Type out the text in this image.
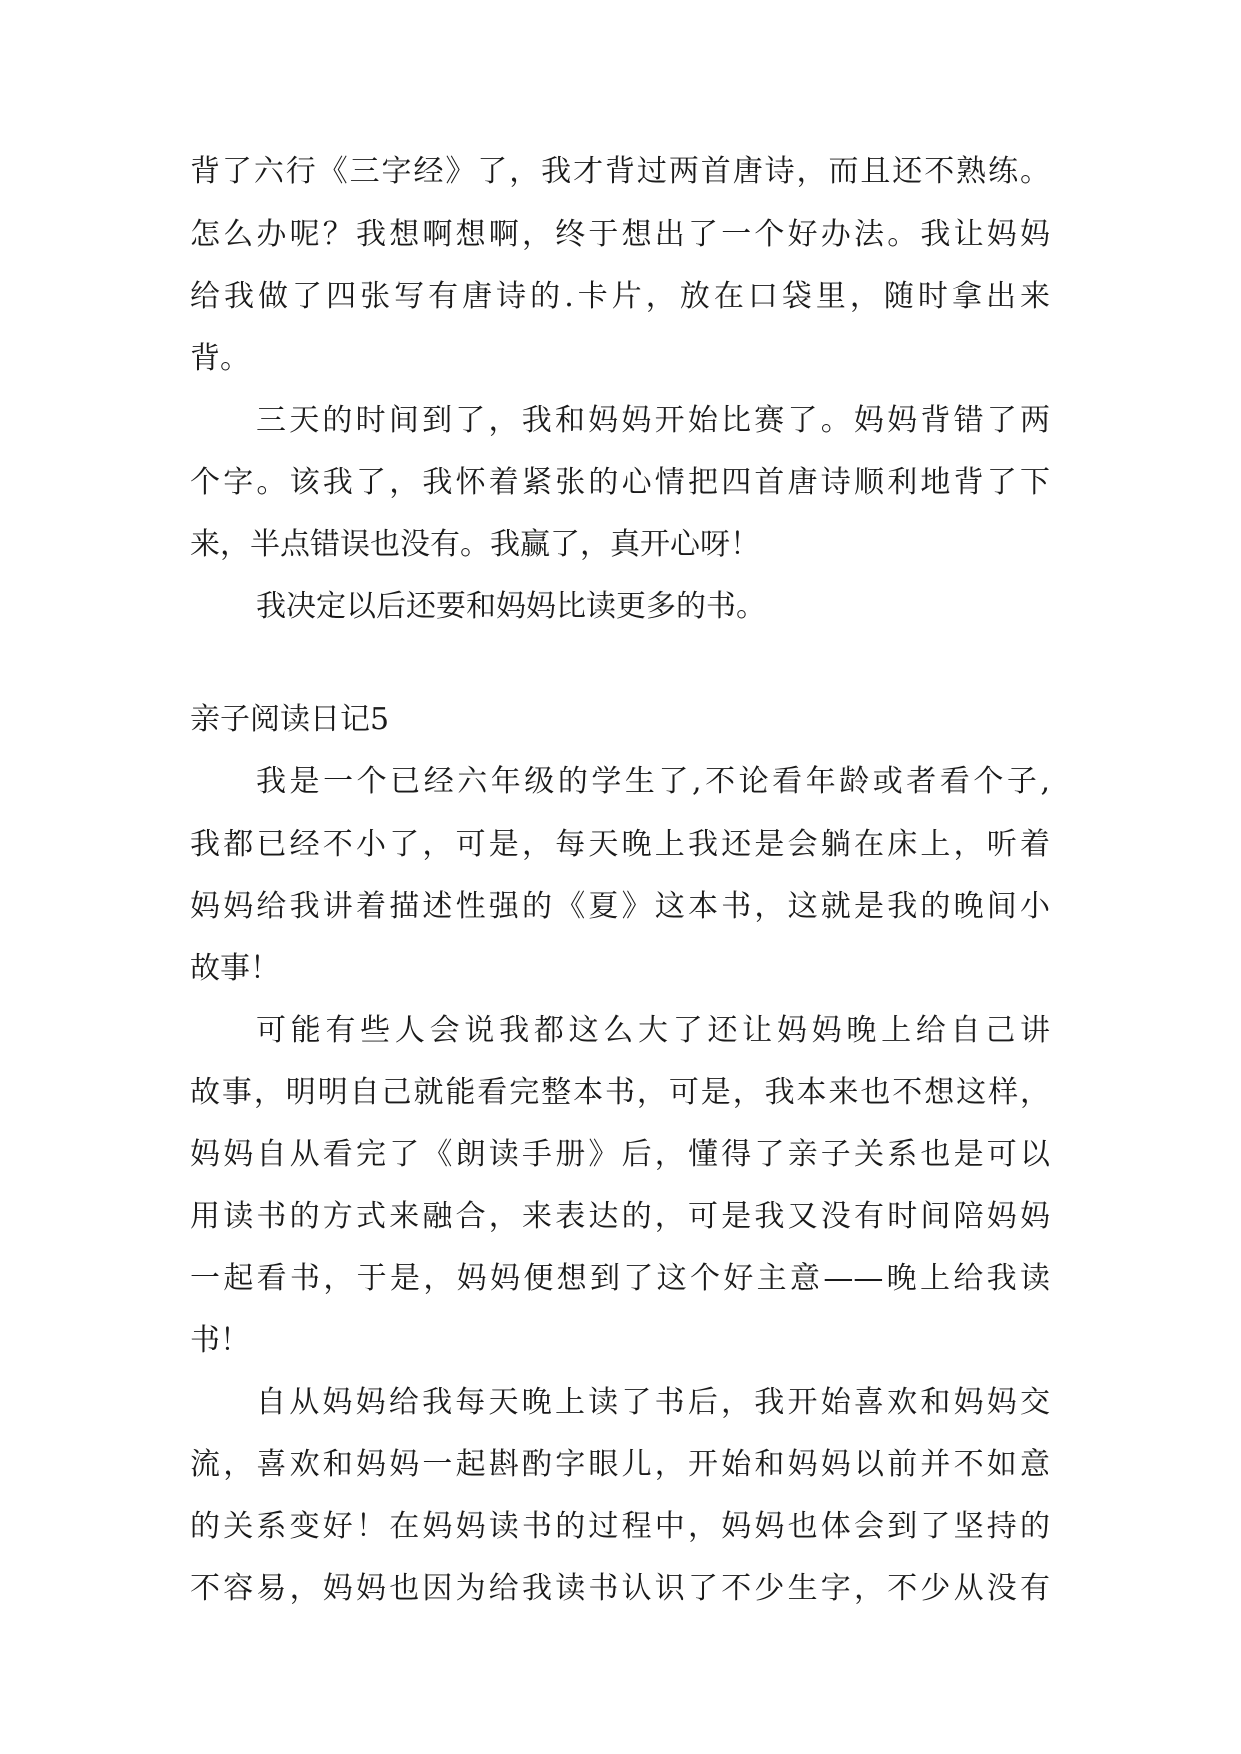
背了六行《三字经》了，我才背过两首唐诗，而且还不熟练。
怎么办呢？我想啊想啊，终于想出了一个好办法。我让妈妈
给我做了四张写有唐诗的.卡片，放在口袋里，随时拿出来
背。
三天的时间到了，我和妈妈开始比赛了。妈妈背错了两
个字。该我了，我怀着紧张的心情把四首唐诗顺利地背了下
来，半点错误也没有。我赢了，真开心呀！
我决定以后还要和妈妈比读更多的书。
亲子阅读日记5
我是一个已经六年级的学生了,不论看年龄或者看个子,
我都已经不小了，可是，每天晚上我还是会躺在床上，听着
妈妈给我讲着描述性强的《夏》这本书，这就是我的晚间小
故事！
可能有些人会说我都这么大了还让妈妈晚上给自己讲
故事，明明自己就能看完整本书，可是，我本来也不想这样，
妈妈自从看完了《朗读手册》后，懂得了亲子关系也是可以
用读书的方式来融合，来表达的，可是我又没有时间陪妈妈
一起看书，于是，妈妈便想到了这个好主意——晚上给我读
书！
自从妈妈给我每天晚上读了书后，我开始喜欢和妈妈交
流，喜欢和妈妈一起斟酌字眼儿，开始和妈妈以前并不如意
的关系变好！在妈妈读书的过程中，妈妈也体会到了坚持的
不容易，妈妈也因为给我读书认识了不少生字，不少从没有
